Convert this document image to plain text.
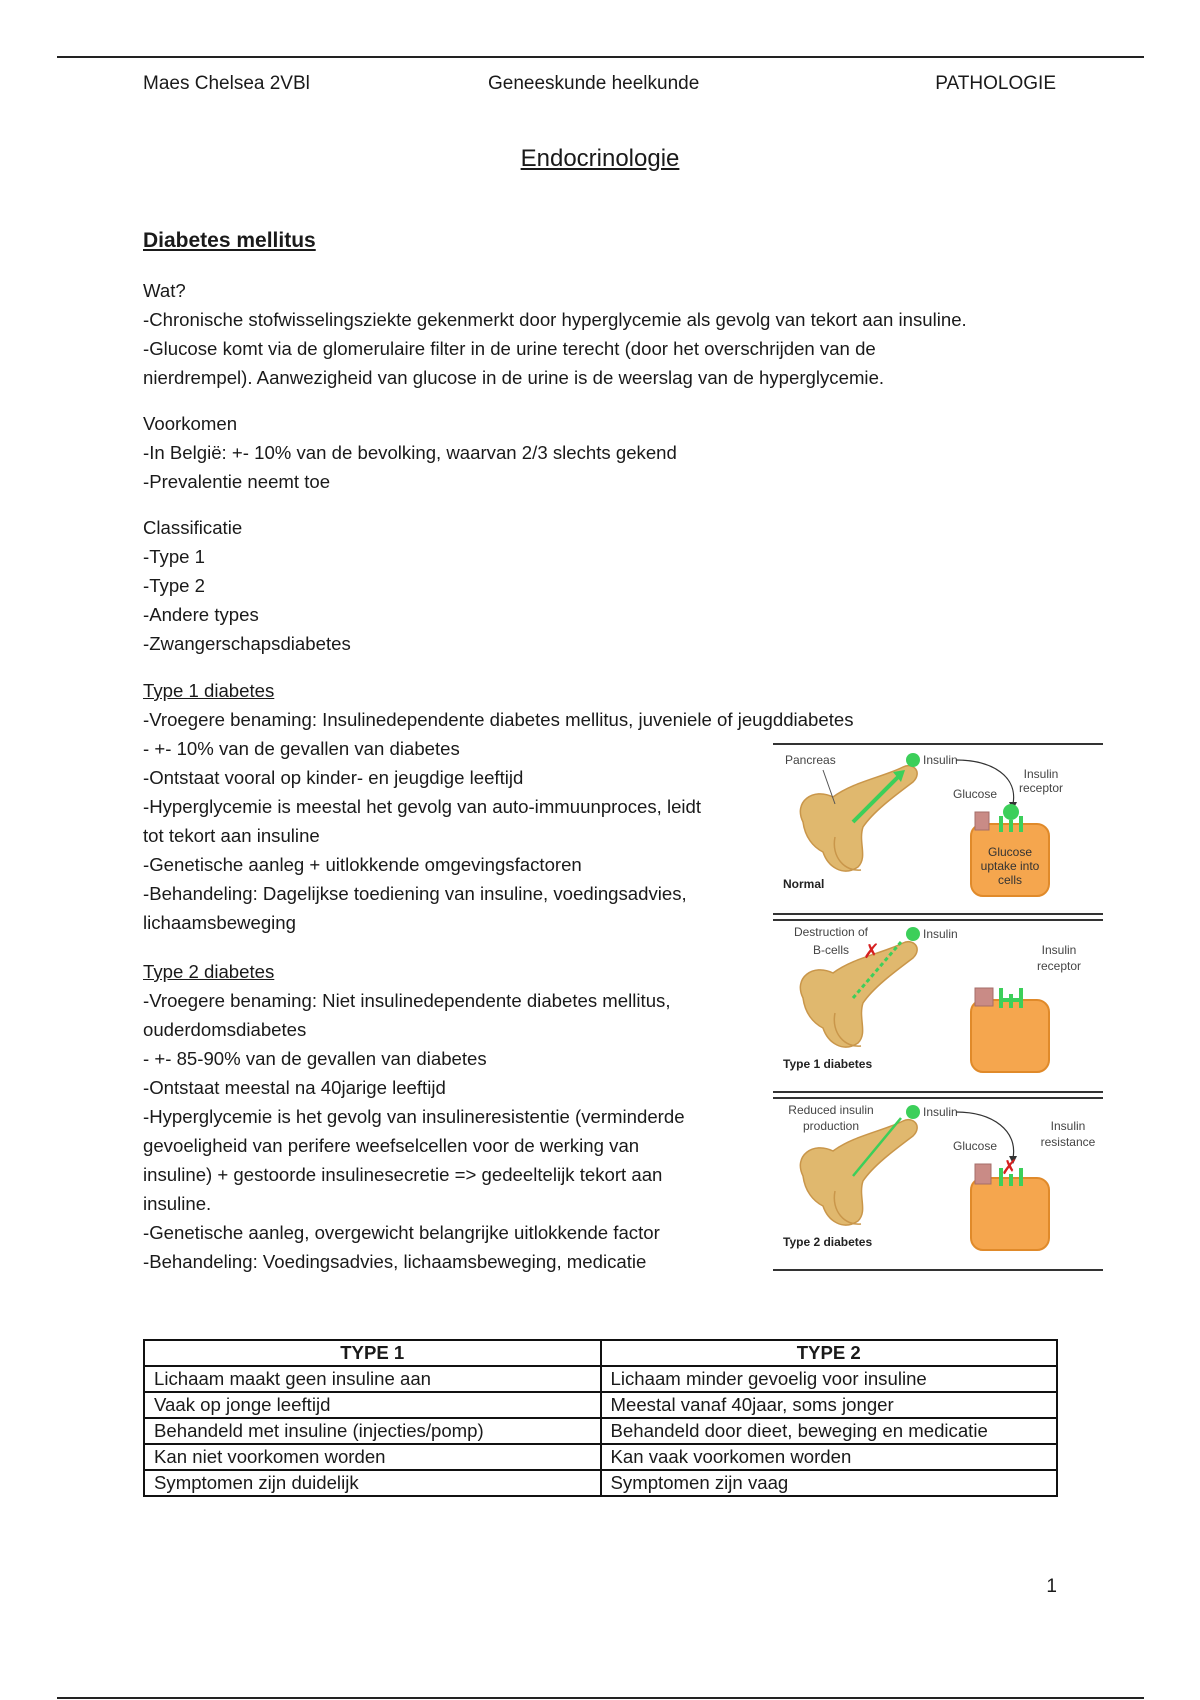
Maes Chelsea 2VBl	Geneeskunde heelkunde	PATHOLOGIE
Endocrinologie
Diabetes mellitus
Wat?
-Chronische stofwisselingsziekte gekenmerkt door hyperglycemie als gevolg van tekort aan insuline.
-Glucose komt via de glomerulaire filter in de urine terecht (door het overschrijden van de
nierdrempel). Aanwezigheid van glucose in de urine is de weerslag van de hyperglycemie.
Voorkomen
-In België: +- 10% van de bevolking, waarvan 2/3 slechts gekend
-Prevalentie neemt toe
Classificatie
-Type 1
-Type 2
-Andere types
-Zwangerschapsdiabetes
Type 1 diabetes
-Vroegere benaming: Insulinedependente diabetes mellitus, juveniele of jeugddiabetes
- +- 10% van de gevallen van diabetes
-Ontstaat vooral op kinder- en jeugdige leeftijd
-Hyperglycemie is meestal het gevolg van auto-immuunproces, leidt
tot tekort aan insuline
-Genetische aanleg + uitlokkende omgevingsfactoren
-Behandeling: Dagelijkse toediening van insuline, voedingsadvies,
lichaamsbeweging
Type 2 diabetes
-Vroegere benaming: Niet insulinedependente diabetes mellitus,
ouderdomsdiabetes
- +- 85-90% van de gevallen van diabetes
-Ontstaat meestal na 40jarige leeftijd
-Hyperglycemie is het gevolg van insulineresistentie (verminderde
gevoeligheid van perifere weefselcellen voor de werking van
insuline) + gestoorde insulinesecretie => gedeeltelijk tekort aan
insuline.
-Genetische aanleg, overgewicht belangrijke uitlokkende factor
-Behandeling: Voedingsadvies, lichaamsbeweging, medicatie
Pancreas	Insulin
Insulin
receptor
Glucose
Glucose
uptake into
cells
Normal
Destruction of
B-cells ✗
Insulin
Insulin
receptor
Type 1 diabetes
Reduced insulin
production
Insulin
Insulin
resistance
Glucose
✗
Type 2 diabetes
TYPE 1	TYPE 2
Lichaam maakt geen insuline aan	Lichaam minder gevoelig voor insuline
Vaak op jonge leeftijd	Meestal vanaf 40jaar, soms jonger
Behandeld met insuline (injecties/pomp)	Behandeld door dieet, beweging en medicatie
Kan niet voorkomen worden	Kan vaak voorkomen worden
Symptomen zijn duidelijk	Symptomen zijn vaag
1
